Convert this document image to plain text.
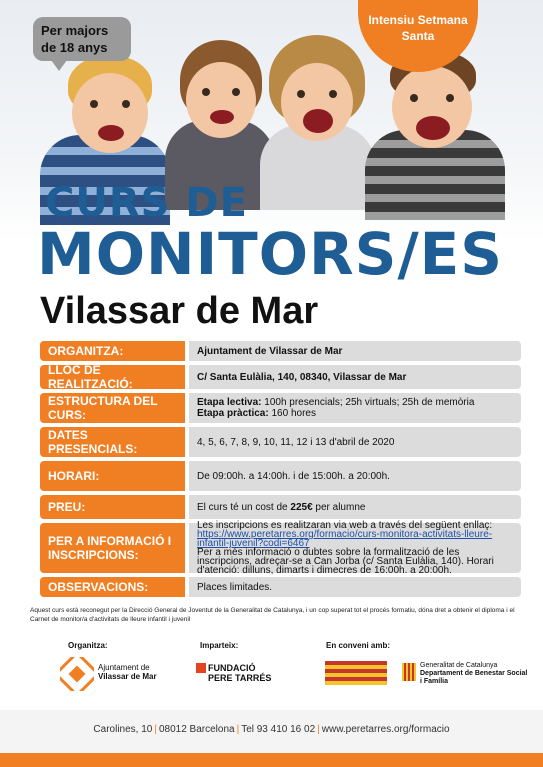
Per majors
de 18 anys
Intensiu Setmana
Santa
CURS DE
MONITORS/ES
Vilassar de Mar
ORGANITZA:	Ajuntament de Vilassar de Mar
LLOC DE REALITZACIÓ:	C/ Santa Eulàlia, 140, 08340, Vilassar de Mar
ESTRUCTURA DEL CURS:
Etapa lectiva: 100h presencials; 25h virtuals; 25h de memòria
Etapa pràctica: 160 hores
DATES PRESENCIALS:	4, 5, 6, 7, 8, 9, 10, 11, 12 i 13 d'abril de 2020
HORARI:	De 09:00h. a 14:00h. i de 15:00h. a 20:00h.
PREU:	El curs té un cost de 225€ per alumne
PER A INFORMACIÓ I INSCRIPCIONS:
Les inscripcions es realitzaran via web a través del següent enllaç:
https://www.peretarres.org/formacio/curs-monitora-activitats-lleure-infantil-juvenil?codi=6467
Per a més informació o dubtes sobre la formalització de les inscripcions, adreçar-se a Can Jorba (c/ Santa Eulàlia, 140). Horari d'atenció: dilluns, dimarts i dimecres de 16:00h. a 20:00h.
OBSERVACIONS:	Places limitades.
Aquest curs està reconegut per la Direcció General de Joventut de la Generalitat de Catalunya, i un cop superat tot el procés formatiu, dóna dret a obtenir el diploma i el Carnet de monitor/a d'activitats de lleure infantil i juvenil
Organitza:	Imparteix:	En conveni amb:
Ajuntament de
Vilassar de Mar
FUNDACIÓ
PERE TARRÉS
Generalitat de Catalunya
Departament de Benestar Social
i Família
Carolines, 10 | 08012 Barcelona | Tel 93 410 16 02 | www.peretarres.org/formacio
